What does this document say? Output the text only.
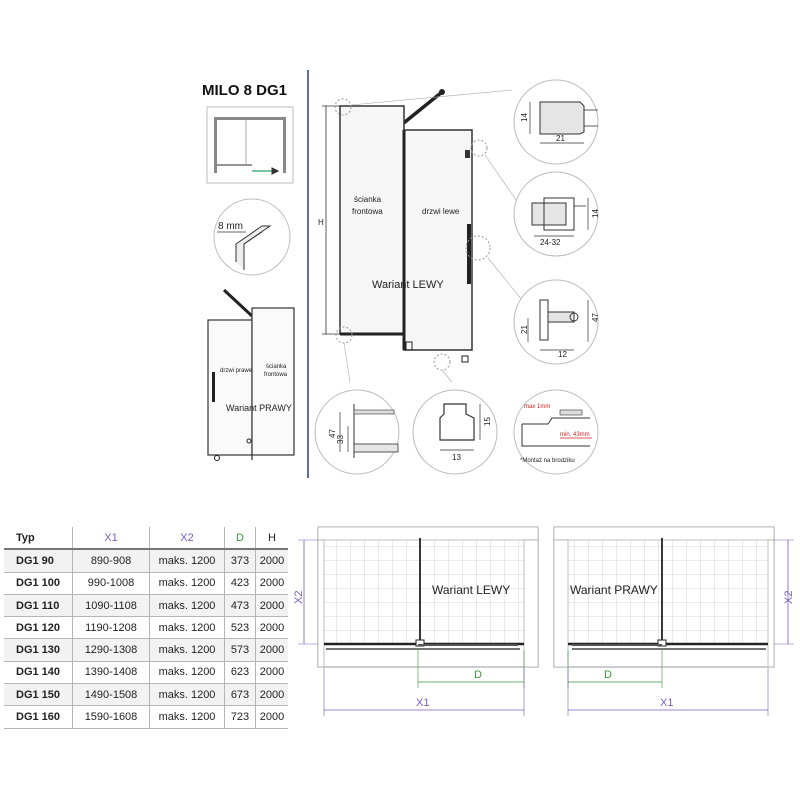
MILO 8 DG1
8 mm
drzwi prawe
ścianka
frontowa
Wariant PRAWY
H
ścianka
frontowa	drzwi lewe
Wariant LEWY
14
21
14
24-32
21
47
12
47
33
15
13
max 1mm
min. 43mm
*Montaż na brodziku
Wariant LEWY
X2
D
X1
Wariant PRAWY
X2
D
X1
Typ	X1	X2	D	H
DG1 90	890-908	maks. 1200	373	2000
DG1 100	990-1008	maks. 1200	423	2000
DG1 110	1090-1108	maks. 1200	473	2000
DG1 120	1190-1208	maks. 1200	523	2000
DG1 130	1290-1308	maks. 1200	573	2000
DG1 140	1390-1408	maks. 1200	623	2000
DG1 150	1490-1508	maks. 1200	673	2000
DG1 160	1590-1608	maks. 1200	723	2000
